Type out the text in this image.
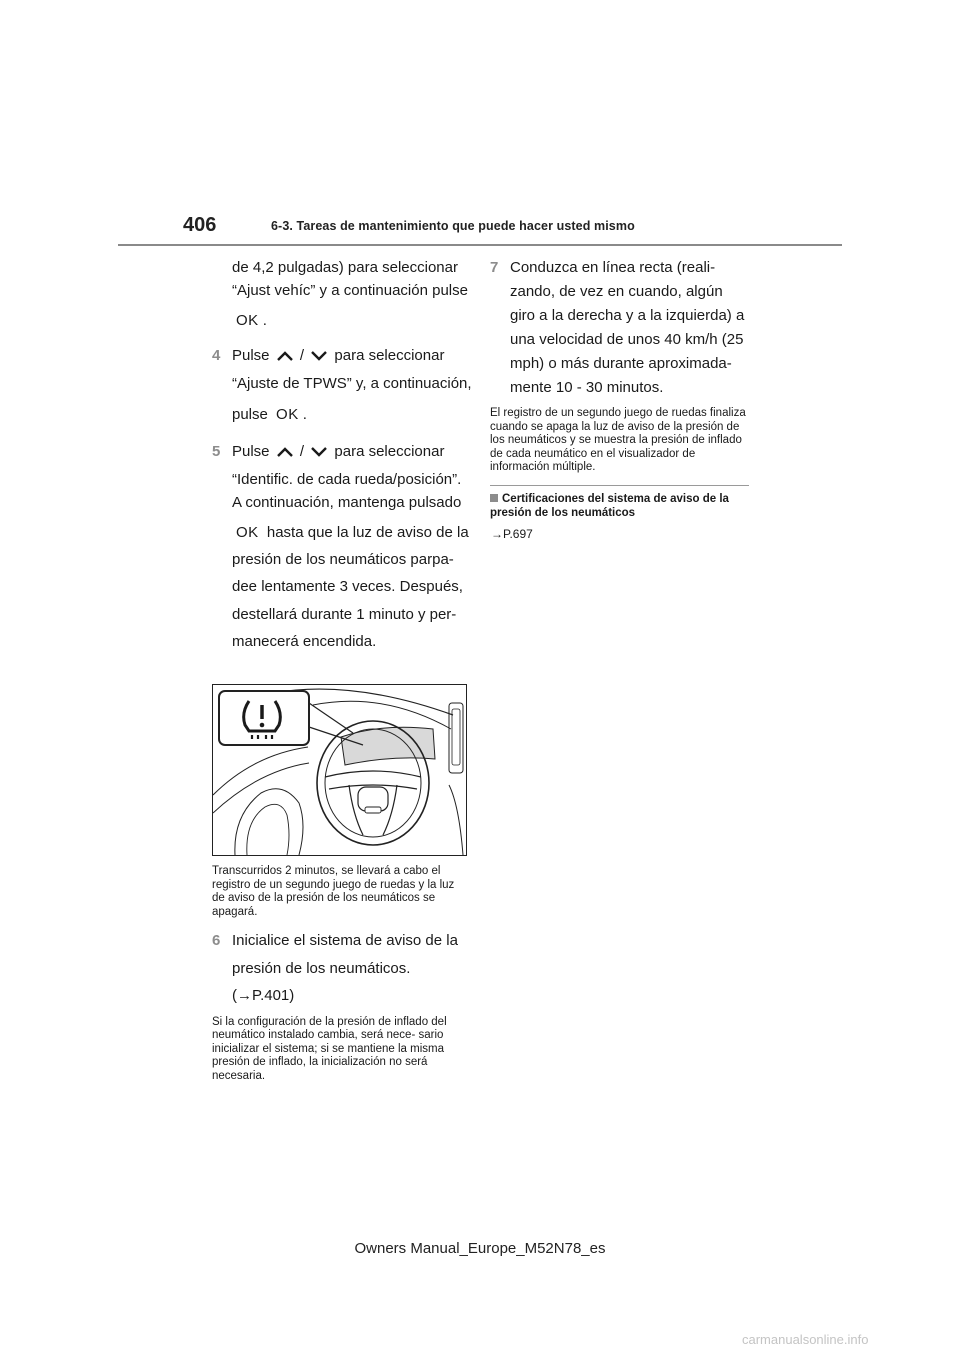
406	6-3. Tareas de mantenimiento que puede hacer usted mismo

de 4,2 pulgadas) para seleccionar

“Ajust vehíc” y a continuación pulse

OK .

4 Pulse / para seleccionar

“Ajuste de TPWS” y, a continuación,

pulse OK .

5 Pulse / para seleccionar

“Identific. de cada rueda/posición”.

A continuación, mantenga pulsado

OK hasta que la luz de aviso de la

presión de los neumáticos parpa-

dee lentamente 3 veces. Después,

destellará durante 1 minuto y per-

manecerá encendida.

Transcurridos 2 minutos, se llevará a cabo el registro de un segundo juego de ruedas y la luz de aviso de la presión de los neumáticos se apagará.

6 Inicialice el sistema de aviso de la

presión de los neumáticos.

(→P.401)

Si la configuración de la presión de inflado del neumático instalado cambia, será nece- sario inicializar el sistema; si se mantiene la misma presión de inflado, la inicialización no será necesaria.

7 Conduzca en línea recta (reali-

zando, de vez en cuando, algún

giro a la derecha y a la izquierda) a

una velocidad de unos 40 km/h (25

mph) o más durante aproximada-

mente 10 - 30 minutos.

El registro de un segundo juego de ruedas finaliza cuando se apaga la luz de aviso de la presión de los neumáticos y se muestra la presión de inflado de cada neumático en el visualizador de información múltiple.

Certificaciones del sistema de aviso de la presión de los neumáticos
→P.697
Owners Manual_Europe_M52N78_es
carmanualsonline.info
